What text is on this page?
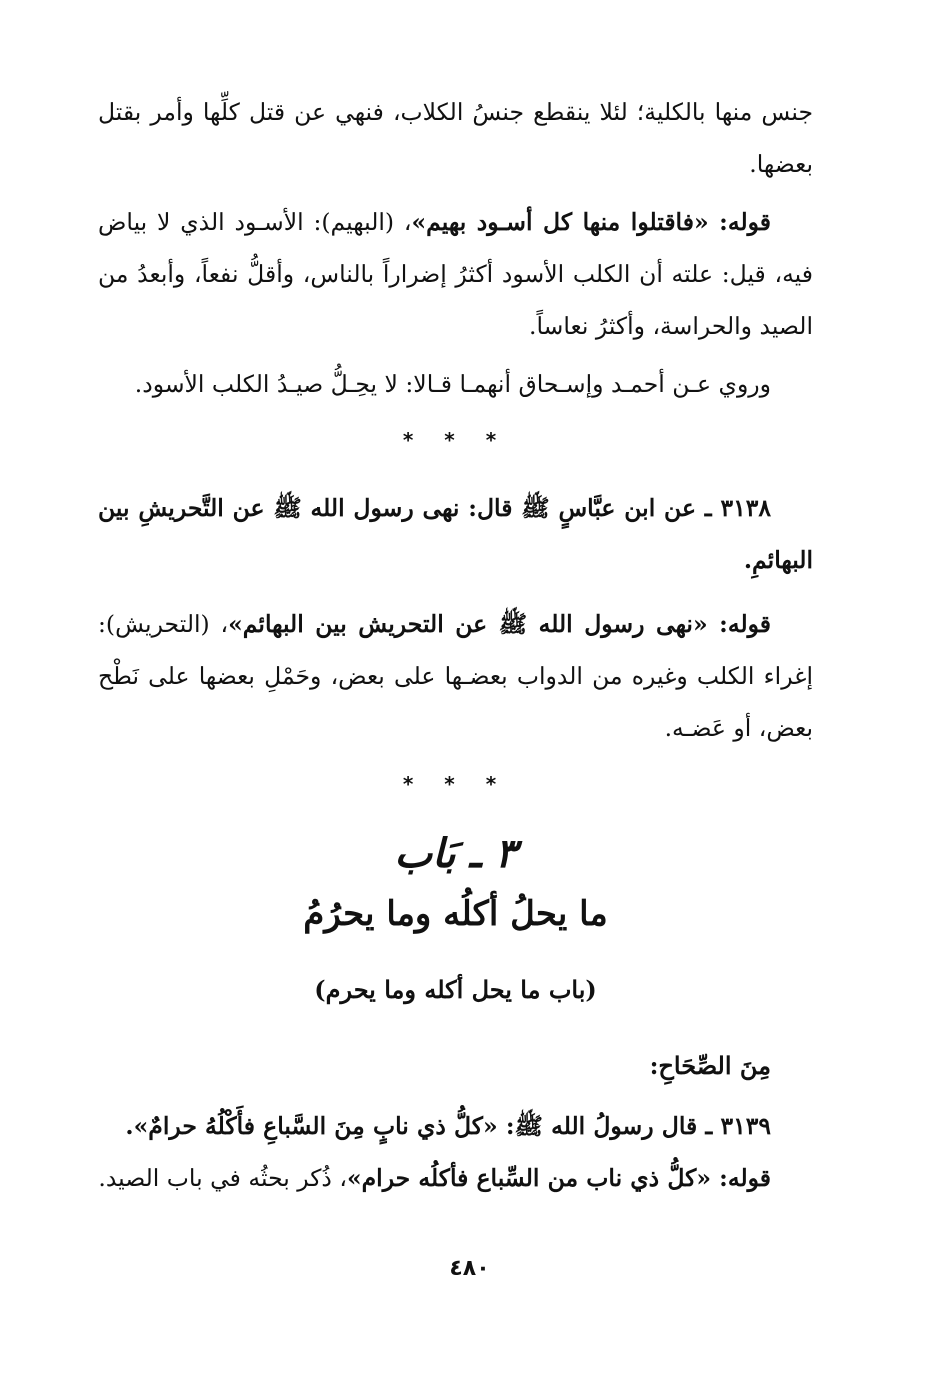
جنس منها بالكلية؛ لئلا ينقطع جنسُ الكلاب، فنهي عن قتل كلِّها وأمر بقتل بعضها.

قوله: «فاقتلوا منها كل أسـود بهيم»، (البهيم): الأسـود الذي لا بياض فيه، قيل: علته أن الكلب الأسود أكثرُ إضراراً بالناس، وأقلُّ نفعاً، وأبعدُ من الصيد والحراسة، وأكثرُ نعاساً.

وروي عـن أحمـد وإسـحاق أنهمـا قـالا: لا يحِـلُّ صيـدُ الكلب الأسود.

* * *

٣١٣٨ ـ عن ابن عبَّاسٍ ﷺ قال: نهى رسول الله ﷺ عن التَّحريشِ بين البهائمِ.

قوله: «نهى رسول الله ﷺ عن التحريش بين البهائم»، (التحريش): إغراء الكلب وغيره من الدواب بعضـها على بعض، وحَمْلِ بعضها على نَطْح بعض، أو عَضـه.

* * *
٣ ـ بَاب
ما يحلُ أكلُه وما يحرُمُ
(باب ما يحل أكله وما يحرم)
مِنَ الصِّحَاحِ:

٣١٣٩ ـ قال رسولُ الله ﷺ: «كلُّ ذي نابٍ مِنَ السَّباعِ فأَكْلُهُ حرامٌ».

قوله: «كلُّ ذي ناب من السِّباع فأكلُه حرام»، ذُكر بحثُه في باب الصيد.

٤٨٠
